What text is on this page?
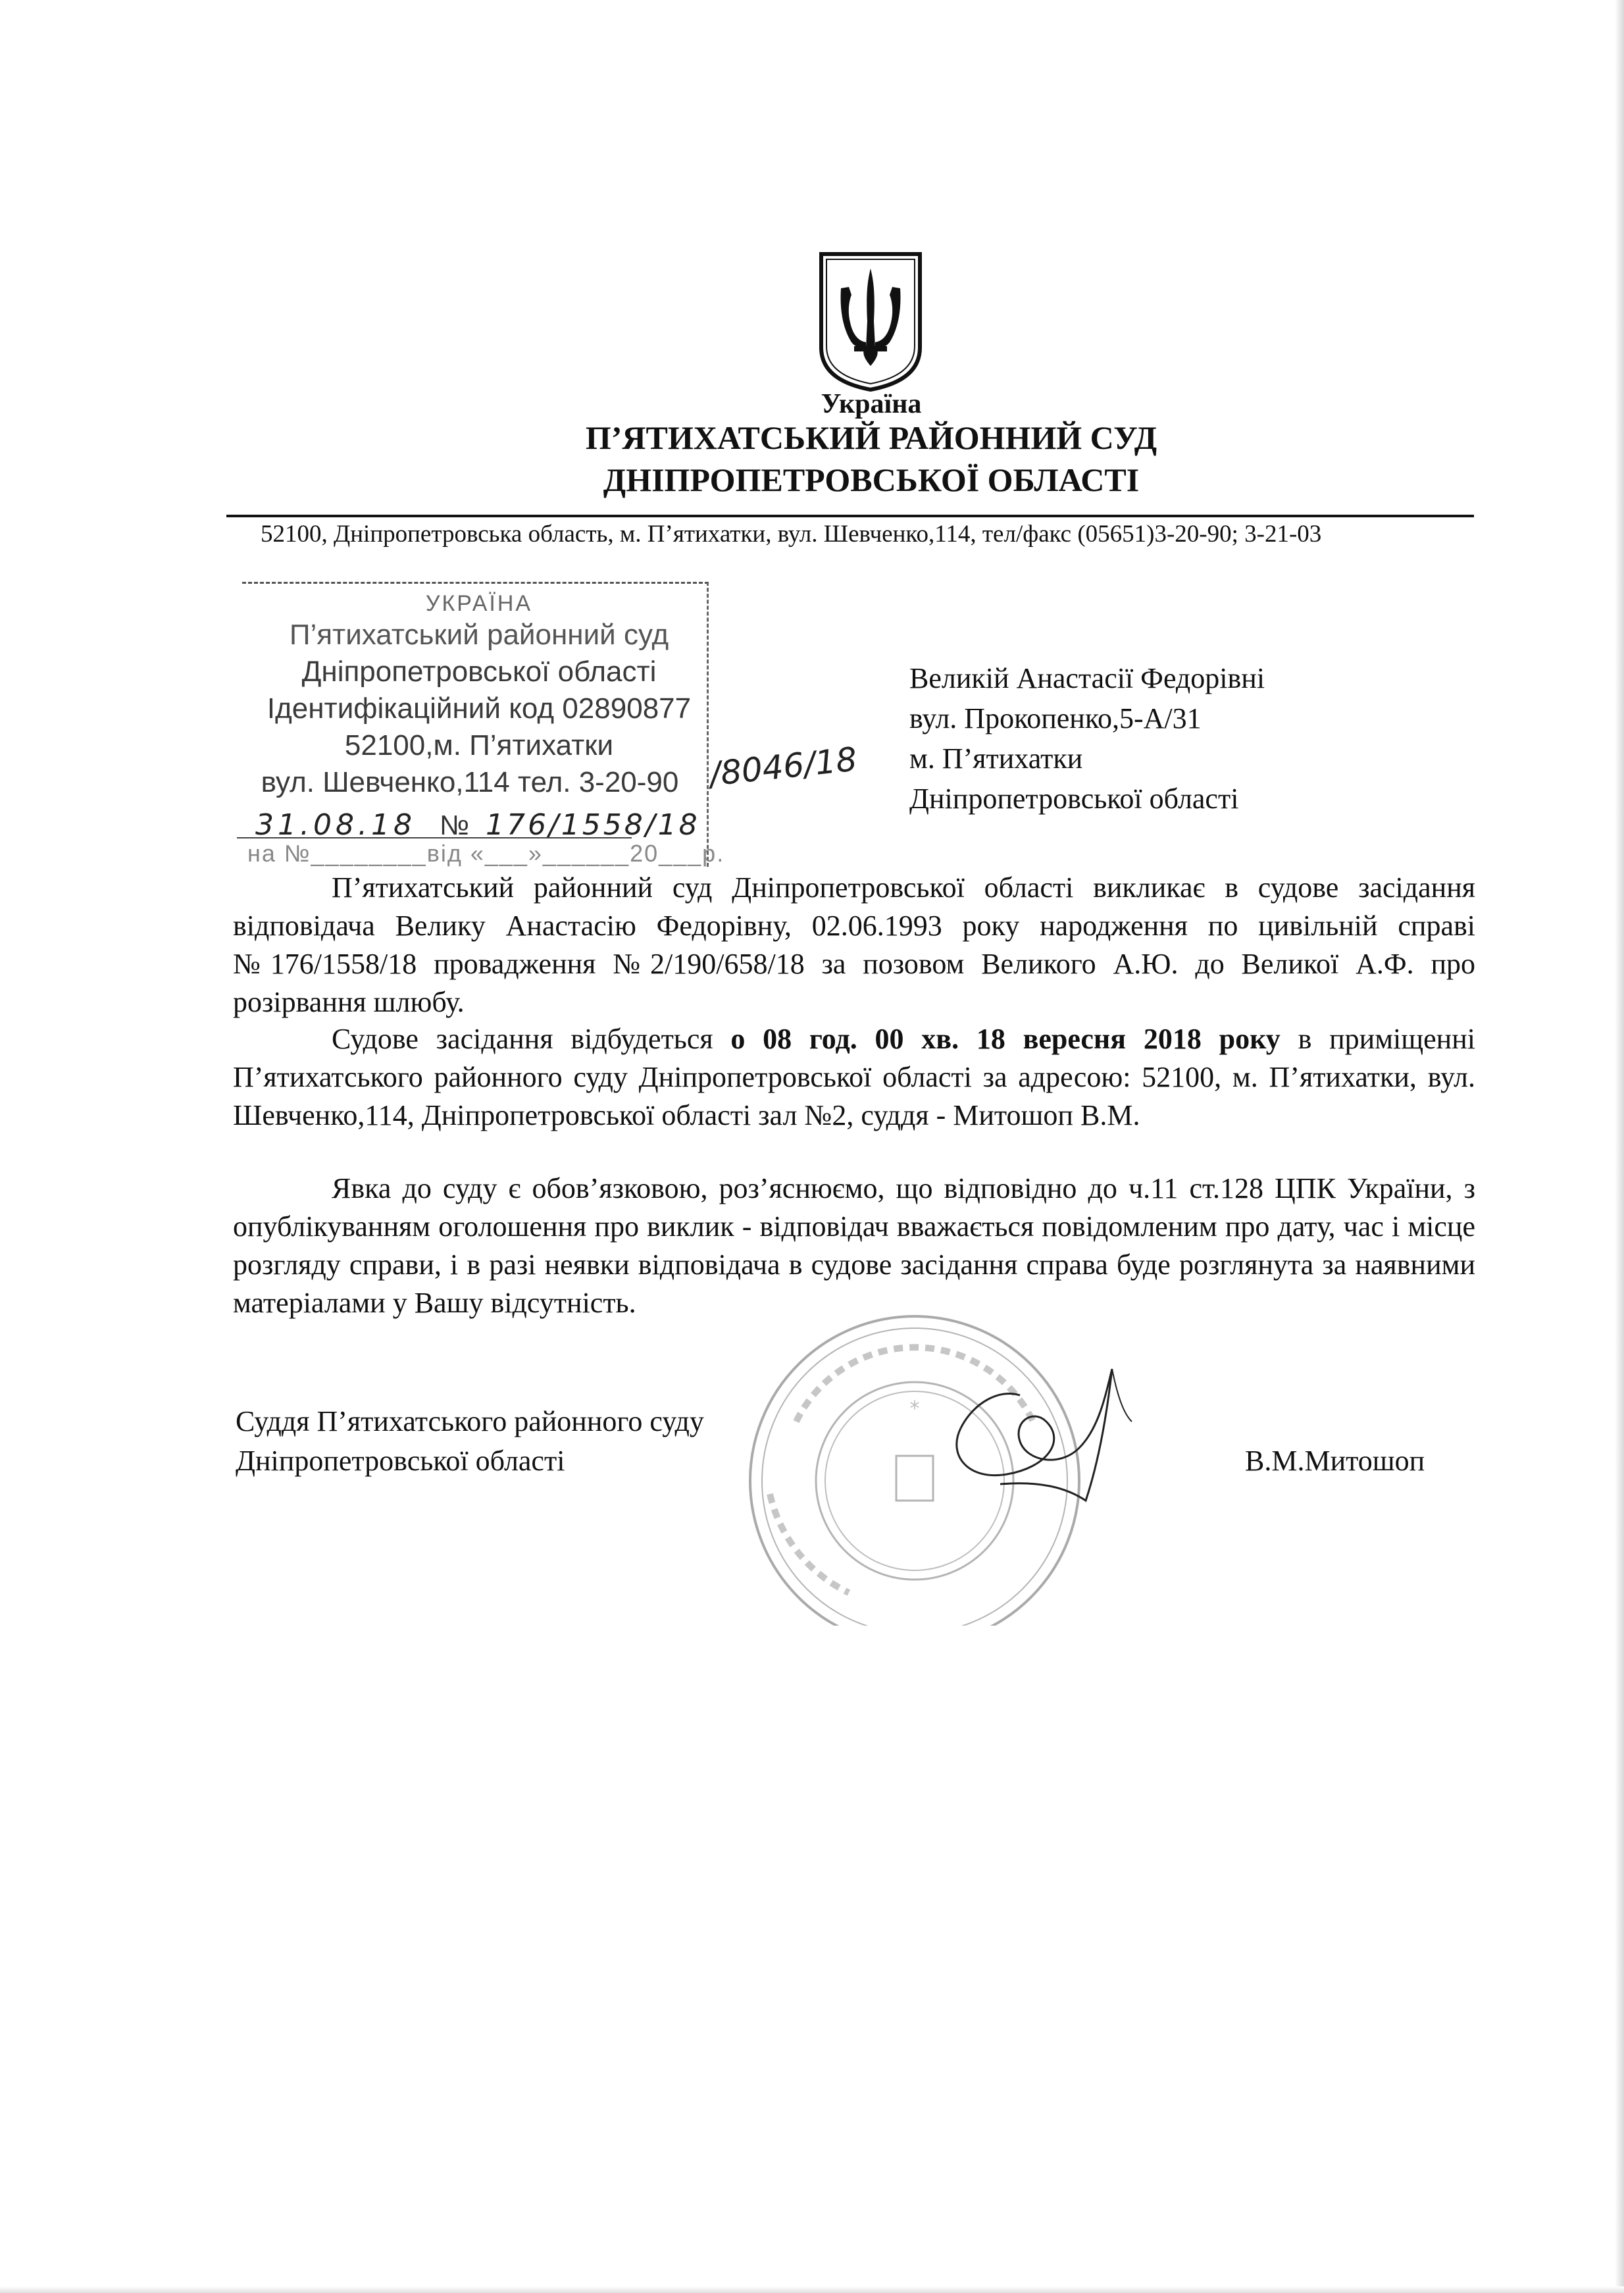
Україна
П’ЯТИХАТСЬКИЙ РАЙОННИЙ СУД
ДНІПРОПЕТРОВСЬКОЇ ОБЛАСТІ
52100, Дніпропетровська область, м. П’ятихатки, вул. Шевченко,114, тел/факс (05651)3-20-90; 3-21-03
УКРАЇНА
П’ятихатський районний суд
Дніпропетровської області
Ідентифікаційний код 02890877
52100,м. П’ятихатки
вул. Шевченко,114 тел. 3-20-90
31.08.18 № 176/1558/18
на №________від «___»______20___р.
/8046/18
Великій Анастасії Федорівні
вул. Прокопенко,5-А/31
м. П’ятихатки
Дніпропетровської області
П’ятихатський районний суд Дніпропетровської області викликає в судове засідання відповідача Велику Анастасію Федорівну, 02.06.1993 року народження по цивільній справі №176/1558/18 провадження №2/190/658/18 за позовом Великого А.Ю. до Великої А.Ф. про розірвання шлюбу.
Судове засідання відбудеться о 08 год. 00 хв. 18 вересня 2018 року в приміщенні П’ятихатського районного суду Дніпропетровської області за адресою: 52100, м. П’ятихатки, вул. Шевченко,114, Дніпропетровської області зал №2, суддя - Митошоп В.М.
Явка до суду є обов’язковою, роз’яснюємо, що відповідно до ч.11 ст.128 ЦПК України, з опублікуванням оголошення про виклик - відповідач вважається повідомленим про дату, час і місце розгляду справи, і в разі неявки відповідача в судове засідання справа буде розглянута за наявними матеріалами у Вашу відсутність.
*
Суддя П’ятихатського районного суду
Дніпропетровської області	В.М.Митошоп
